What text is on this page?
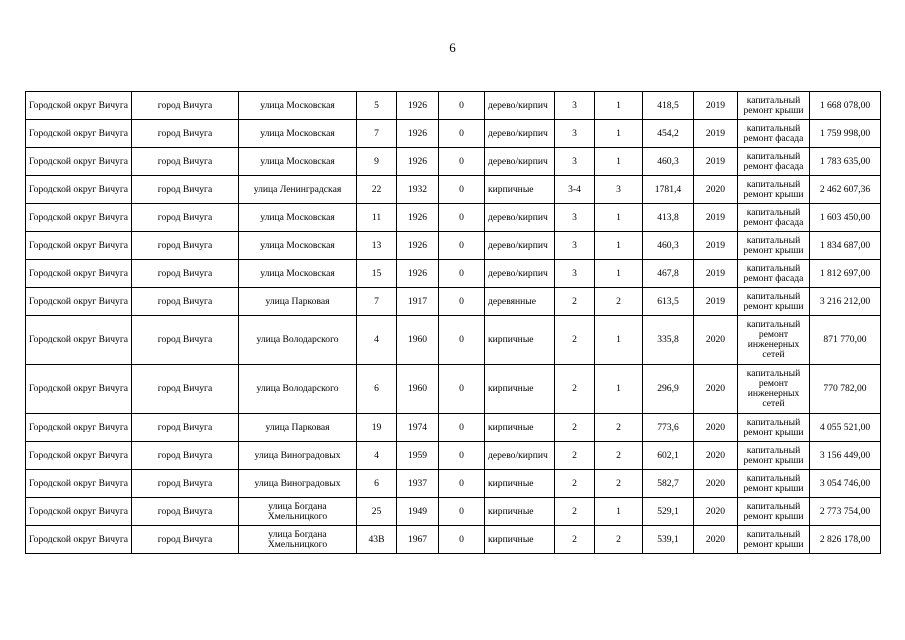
6
Городской округ Вичуга	город Вичуга	улица Московская	5	1926	0	дерево/кирпич	3	1	418,5	2019	капитальный ремонт крыши	1 668 078,00
Городской округ Вичуга	город Вичуга	улица Московская	7	1926	0	дерево/кирпич	3	1	454,2	2019	капитальный ремонт фасада	1 759 998,00
Городской округ Вичуга	город Вичуга	улица Московская	9	1926	0	дерево/кирпич	3	1	460,3	2019	капитальный ремонт фасада	1 783 635,00
Городской округ Вичуга	город Вичуга	улица Ленинградская	22	1932	0	кирпичные	3-4	3	1781,4	2020	капитальный ремонт крыши	2 462 607,36
Городской округ Вичуга	город Вичуга	улица Московская	11	1926	0	дерево/кирпич	3	1	413,8	2019	капитальный ремонт фасада	1 603 450,00
Городской округ Вичуга	город Вичуга	улица Московская	13	1926	0	дерево/кирпич	3	1	460,3	2019	капитальный ремонт крыши	1 834 687,00
Городской округ Вичуга	город Вичуга	улица Московская	15	1926	0	дерево/кирпич	3	1	467,8	2019	капитальный ремонт фасада	1 812 697,00
Городской округ Вичуга	город Вичуга	улица Парковая	7	1917	0	деревянные	2	2	613,5	2019	капитальный ремонт крыши	3 216 212,00
Городской округ Вичуга	город Вичуга	улица Володарского	4	1960	0	кирпичные	2	1	335,8	2020	капитальный ремонт инженерных сетей	871 770,00
Городской округ Вичуга	город Вичуга	улица Володарского	6	1960	0	кирпичные	2	1	296,9	2020	капитальный ремонт инженерных сетей	770 782,00
Городской округ Вичуга	город Вичуга	улица Парковая	19	1974	0	кирпичные	2	2	773,6	2020	капитальный ремонт крыши	4 055 521,00
Городской округ Вичуга	город Вичуга	улица Виноградовых	4	1959	0	дерево/кирпич	2	2	602,1	2020	капитальный ремонт крыши	3 156 449,00
Городской округ Вичуга	город Вичуга	улица Виноградовых	6	1937	0	кирпичные	2	2	582,7	2020	капитальный ремонт крыши	3 054 746,00
Городской округ Вичуга	город Вичуга	улица Богдана Хмельницкого	25	1949	0	кирпичные	2	1	529,1	2020	капитальный ремонт крыши	2 773 754,00
Городской округ Вичуга	город Вичуга	улица Богдана Хмельницкого	43В	1967	0	кирпичные	2	2	539,1	2020	капитальный ремонт крыши	2 826 178,00
